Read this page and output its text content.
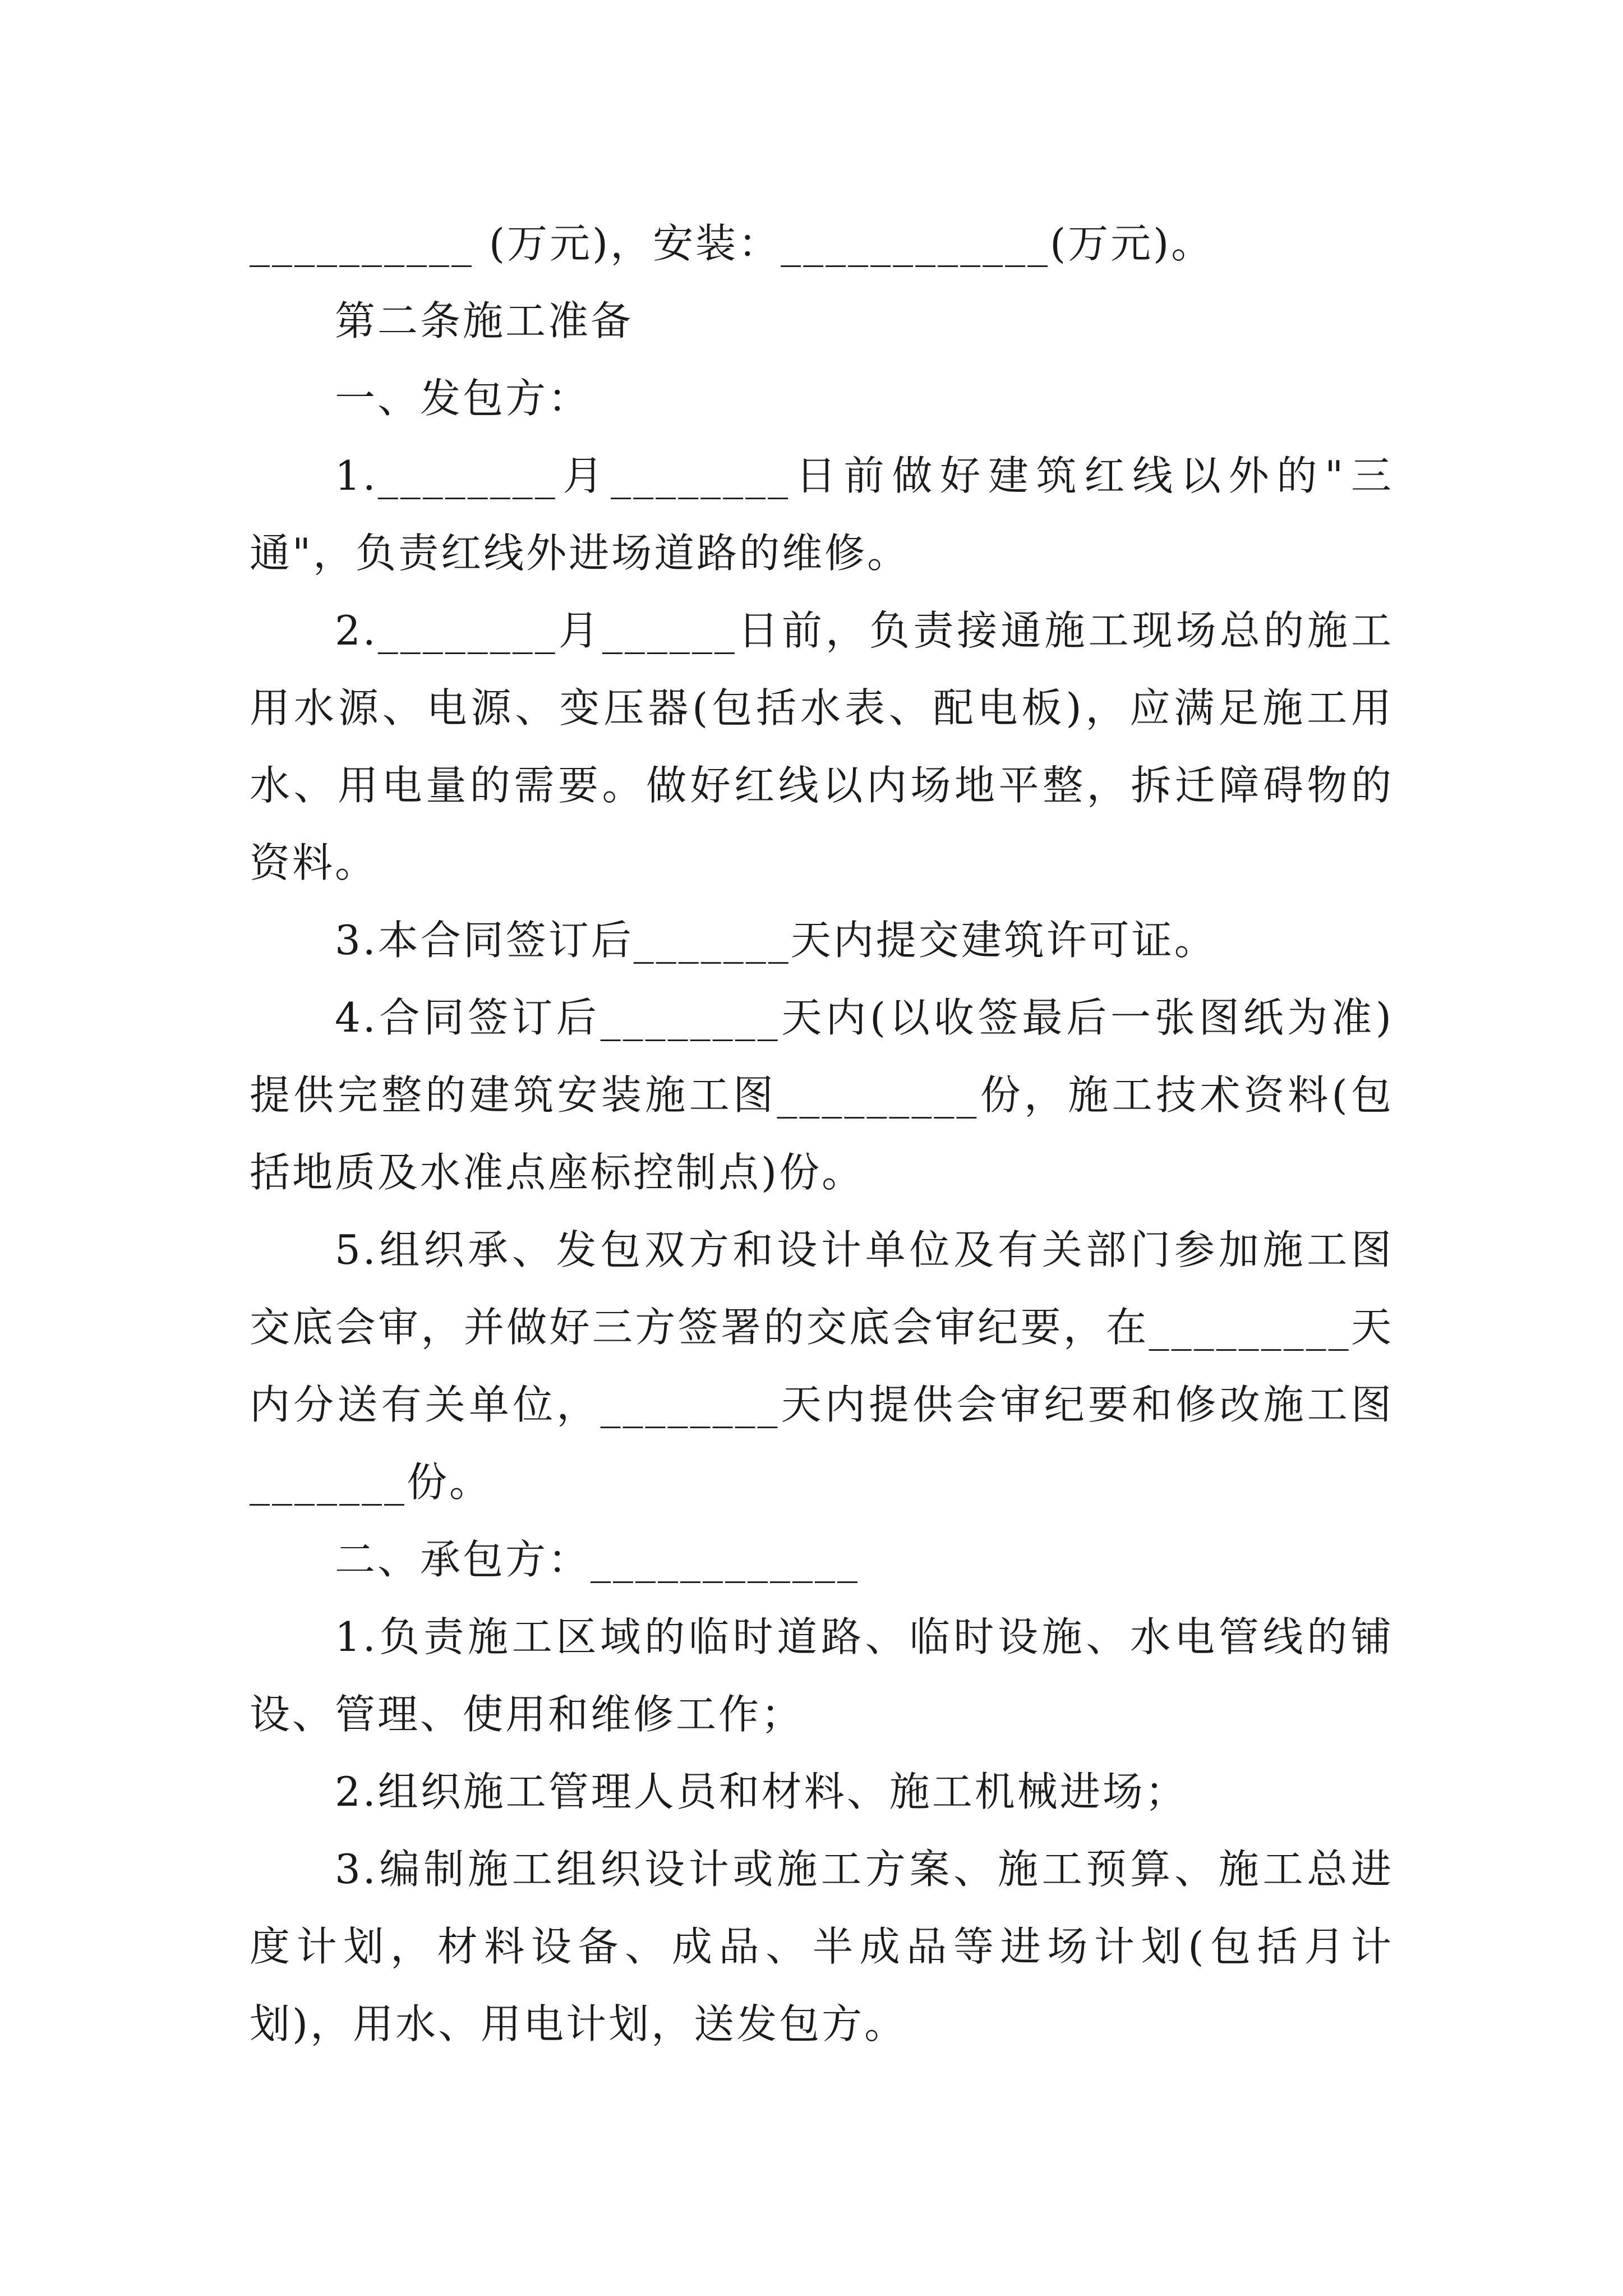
__________ (万元)，安装：____________(万元)。

第二条施工准备

一、发包方：

1.________月________日前做好建筑红线以外的"三通"，负责红线外进场道路的维修。

2.________月______日前，负责接通施工现场总的施工用水源、电源、变压器(包括水表、配电板)，应满足施工用水、用电量的需要。做好红线以内场地平整，拆迁障碍物的资料。

3.本合同签订后_______天内提交建筑许可证。

4.合同签订后________天内(以收签最后一张图纸为准)提供完整的建筑安装施工图_________份，施工技术资料(包括地质及水准点座标控制点)份。

5.组织承、发包双方和设计单位及有关部门参加施工图交底会审，并做好三方签署的交底会审纪要，在_________天内分送有关单位，________天内提供会审纪要和修改施工图_______份。

二、承包方：____________

1.负责施工区域的临时道路、临时设施、水电管线的铺设、管理、使用和维修工作；

2.组织施工管理人员和材料、施工机械进场；

3.编制施工组织设计或施工方案、施工预算、施工总进度计划，材料设备、成品、半成品等进场计划(包括月计划)，用水、用电计划，送发包方。
